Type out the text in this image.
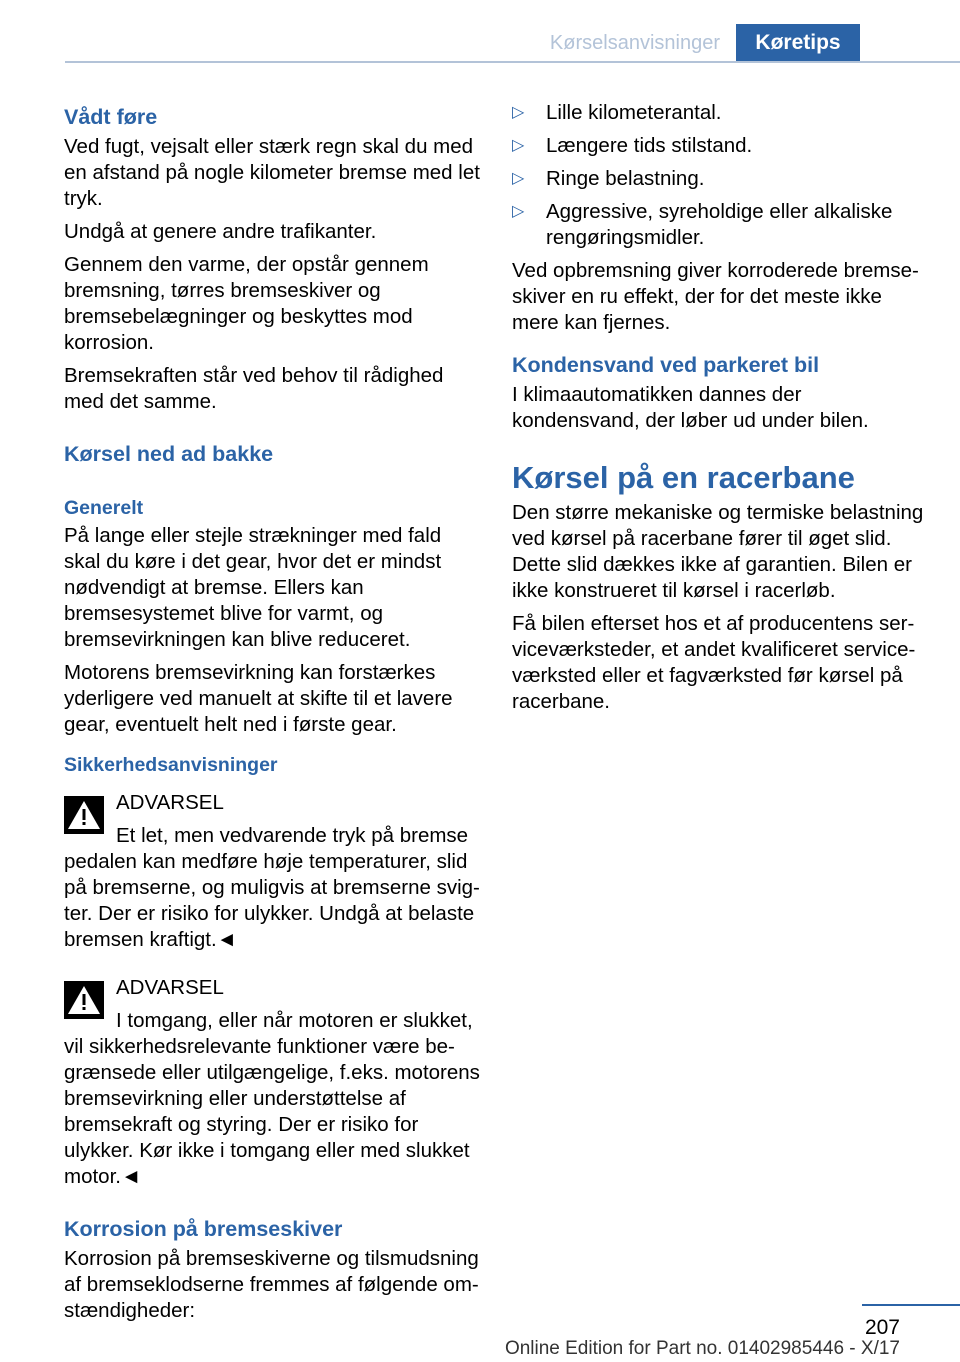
Kørselsanvisninger	Køretips
Vådt føre

Ved fugt, vejsalt eller stærk regn skal du med en afstand på nogle kilometer bremse med let tryk.

Undgå at genere andre trafikanter.

Gennem den varme, der opstår gennem bremsning, tørres bremseskiver og bremsebelægninger og beskyttes mod korrosion.

Bremsekraften står ved behov til rådighed med det samme.

Kørsel ned ad bakke
Generelt

På lange eller stejle strækninger med fald skal du køre i det gear, hvor det er mindst nødvendigt at bremse. Ellers kan bremsesystemet blive for varmt, og bremsevirkningen kan blive reduceret.

Motorens bremsevirkning kan forstærkes yderligere ved manuelt at skifte til et lavere gear, eventuelt helt ned i første gear.

Sikkerhedsanvisninger

ADVARSEL

Et let, men vedvarende tryk på bremse

pedalen kan medføre høje temperaturer, slid på bremserne, og muligvis at bremserne svigter. Der er risiko for ulykker. Undgå at belaste bremsen kraftigt.◄

ADVARSEL

I tomgang, eller når motoren er slukket,

vil sikkerhedsrelevante funktioner være begrænsede eller utilgængelige, f.eks. motorens bremsevirkning eller understøttelse af bremsekraft og styring. Der er risiko for ulykker. Kør ikke i tomgang eller med slukket motor.◄

Korrosion på bremseskiver

Korrosion på bremseskiverne og tilsmudsning af bremseklodserne fremmes af følgende omstændigheder:

▷ Lille kilometerantal.
▷ Længere tids stilstand.
▷ Ringe belastning.
▷ Aggressive, syreholdige eller alkaliske rengøringsmidler.

Ved opbremsning giver korroderede bremseskiver en ru effekt, der for det meste ikke mere kan fjernes.

Kondensvand ved parkeret bil

I klimaautomatikken dannes der kondensvand, der løber ud under bilen.

Kørsel på en racerbane

Den større mekaniske og termiske belastning ved kørsel på racerbane fører til øget slid. Dette slid dækkes ikke af garantien. Bilen er ikke konstrueret til kørsel i racerløb.

Få bilen efterset hos et af producentens serviceværksteder, et andet kvalificeret serviceværksted eller et fagværksted før kørsel på racerbane.

207
Online Edition for Part no. 01402985446 - X/17
